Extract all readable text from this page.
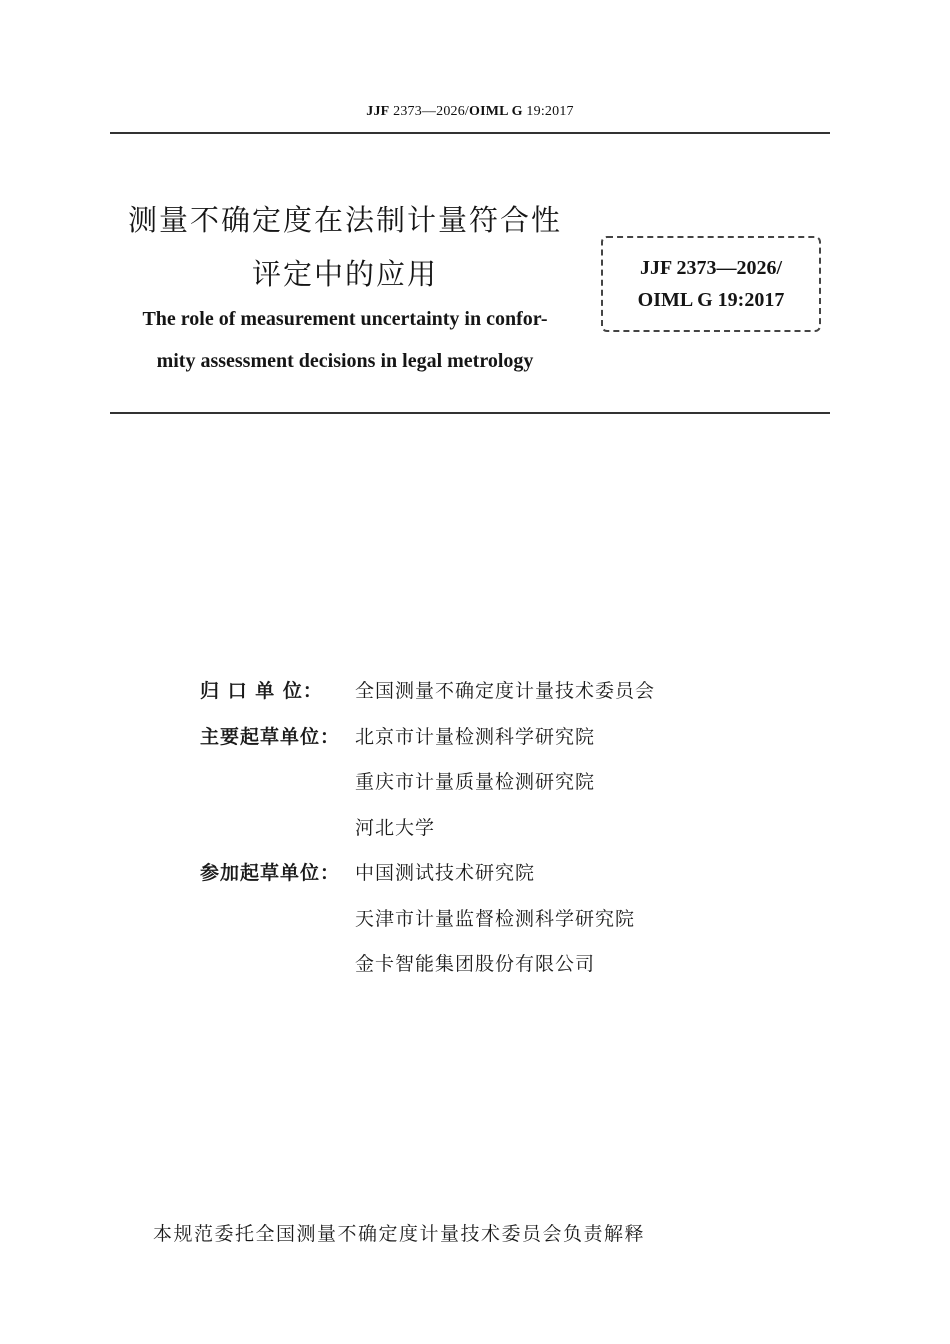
JJF 2373—2026/OIML G 19:2017
测量不确定度在法制计量符合性
评定中的应用
The role of measurement uncertainty in confor-
mity assessment decisions in legal metrology
JJF 2373—2026/
OIML G 19:2017
归 口 单 位：	全国测量不确定度计量技术委员会
主要起草单位： 北京市计量检测科学研究院
重庆市计量质量检测研究院
河北大学
参加起草单位： 中国测试技术研究院
天津市计量监督检测科学研究院
金卡智能集团股份有限公司
本规范委托全国测量不确定度计量技术委员会负责解释
